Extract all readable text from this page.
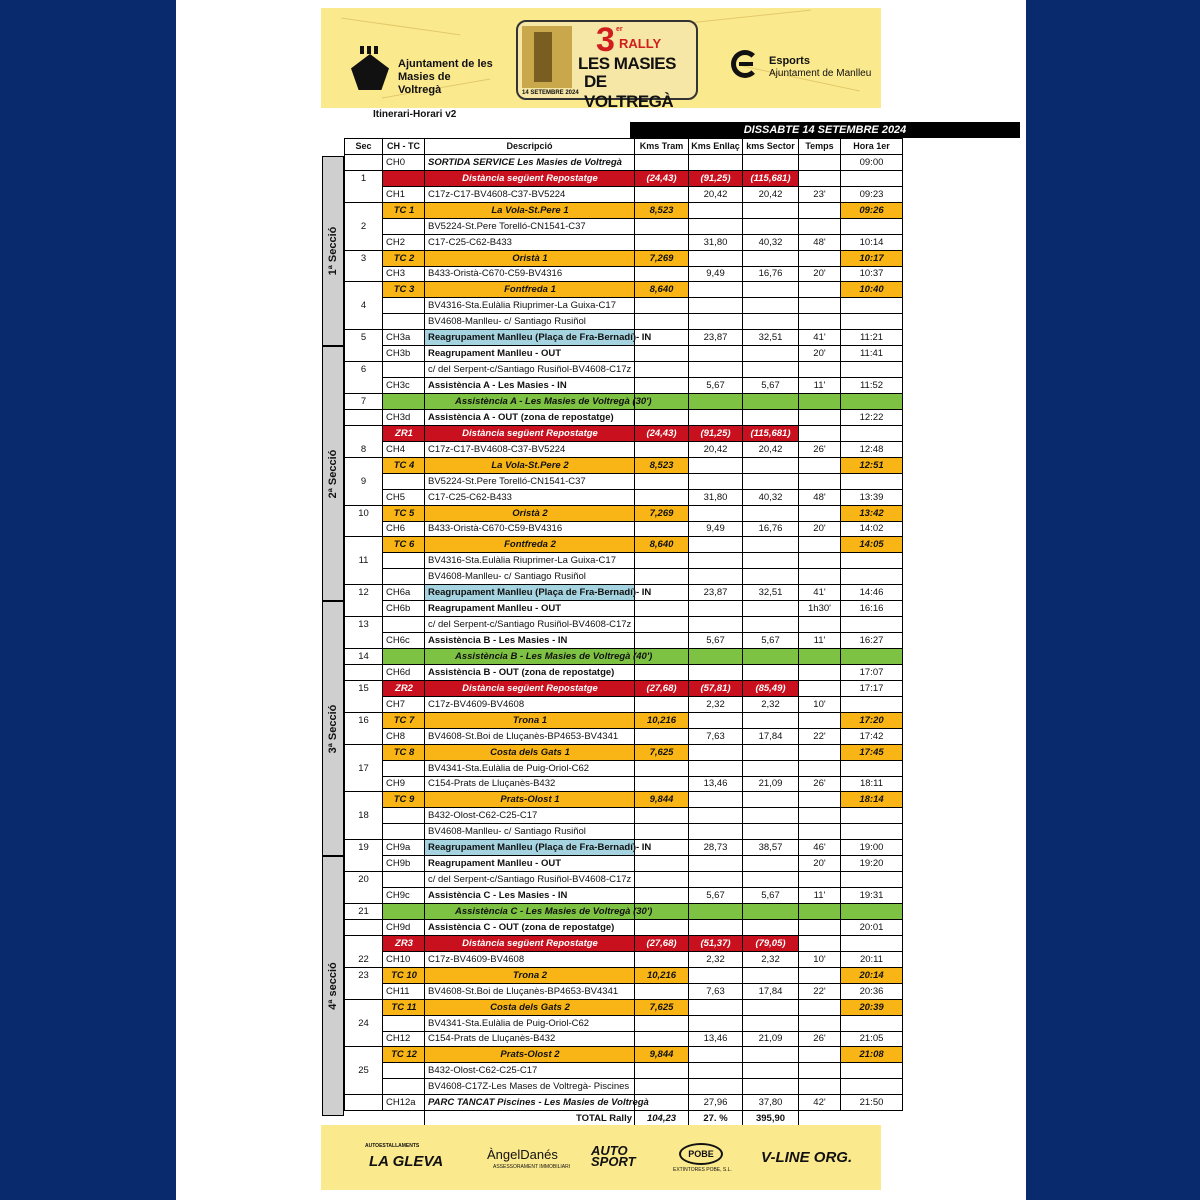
Ajuntament de les
Masies de Voltregà
3 er
RALLY
LES MASIES
DE VOLTREGÀ
14 SETEMBRE 2024
Esports
Ajuntament de Manlleu
Itinerari-Horari v2
DISSABTE 14 SETEMBRE 2024
1ª Secció
2ª Secció
3ª Secció
4ª secció
Sec	CH - TC	Descripció	Kms Tram	Kms Enllaç	kms Sector	Temps	Hora 1er
	CH0	SORTIDA SERVICE Les Masies de Voltregà					09:00
1		Distància següent Repostatge	(24,43)	(91,25)	(115,681)		
	CH1	C17z-C17-BV4608-C37-BV5224		20,42	20,42	23'	09:23
	TC 1	La Vola-St.Pere 1	8,523				09:26
2		BV5224-St.Pere Torelló-CN1541-C37					
	CH2	C17-C25-C62-B433		31,80	40,32	48'	10:14
3	TC 2	Oristà 1	7,269				10:17
	CH3	B433-Oristà-C670-C59-BV4316		9,49	16,76	20'	10:37
	TC 3	Fontfreda 1	8,640				10:40
4		BV4316-Sta.Eulàlia Riuprimer-La Guixa-C17					
		BV4608-Manlleu- c/ Santiago Rusiñol					
5	CH3a	Reagrupament Manlleu (Plaça de Fra-Bernadí)- IN		23,87	32,51	41'	11:21
	CH3b	Reagrupament Manlleu - OUT				20'	11:41
6		c/ del Serpent-c/Santiago Rusiñol-BV4608-C17z					
	CH3c	Assistència A - Les Masies - IN		5,67	5,67	11'	11:52
7		Assistència A - Les Masies de Voltregà (30')					
	CH3d	Assistència A - OUT (zona de repostatge)					12:22
	ZR1	Distància següent Repostatge	(24,43)	(91,25)	(115,681)		
8	CH4	C17z-C17-BV4608-C37-BV5224		20,42	20,42	26'	12:48
	TC 4	La Vola-St.Pere 2	8,523				12:51
9		BV5224-St.Pere Torelló-CN1541-C37					
	CH5	C17-C25-C62-B433		31,80	40,32	48'	13:39
10	TC 5	Oristà 2	7,269				13:42
	CH6	B433-Oristà-C670-C59-BV4316		9,49	16,76	20'	14:02
	TC 6	Fontfreda 2	8,640				14:05
11		BV4316-Sta.Eulàlia Riuprimer-La Guixa-C17					
		BV4608-Manlleu- c/ Santiago Rusiñol					
12	CH6a	Reagrupament Manlleu (Plaça de Fra-Bernadí)- IN		23,87	32,51	41'	14:46
	CH6b	Reagrupament Manlleu - OUT				1h30'	16:16
13		c/ del Serpent-c/Santiago Rusiñol-BV4608-C17z					
	CH6c	Assistència B - Les Masies - IN		5,67	5,67	11'	16:27
14		Assistència B - Les Masies de Voltregà (40')					
	CH6d	Assistència B - OUT (zona de repostatge)					17:07
15	ZR2	Distància següent Repostatge	(27,68)	(57,81)	(85,49)		17:17
	CH7	C17z-BV4609-BV4608		2,32	2,32	10'	
16	TC 7	Trona 1	10,216				17:20
	CH8	BV4608-St.Boi de Lluçanès-BP4653-BV4341		7,63	17,84	22'	17:42
	TC 8	Costa dels Gats 1	7,625				17:45
17		BV4341-Sta.Eulàlia de Puig-Oriol-C62					
	CH9	C154-Prats de Lluçanès-B432		13,46	21,09	26'	18:11
	TC 9	Prats-Olost 1	9,844				18:14
18		B432-Olost-C62-C25-C17					
		BV4608-Manlleu- c/ Santiago Rusiñol					
19	CH9a	Reagrupament Manlleu (Plaça de Fra-Bernadí)- IN		28,73	38,57	46'	19:00
	CH9b	Reagrupament Manlleu - OUT				20'	19:20
20		c/ del Serpent-c/Santiago Rusiñol-BV4608-C17z					
	CH9c	Assistència C - Les Masies - IN		5,67	5,67	11'	19:31
21		Assistència C - Les Masies de Voltregà (30')					
	CH9d	Assistència C - OUT (zona de repostatge)					20:01
	ZR3	Distància següent Repostatge	(27,68)	(51,37)	(79,05)		
22	CH10	C17z-BV4609-BV4608		2,32	2,32	10'	20:11
23	TC 10	Trona 2	10,216				20:14
	CH11	BV4608-St.Boi de Lluçanès-BP4653-BV4341		7,63	17,84	22'	20:36
	TC 11	Costa dels Gats 2	7,625				20:39
24		BV4341-Sta.Eulàlia de Puig-Oriol-C62					
	CH12	C154-Prats de Lluçanès-B432		13,46	21,09	26'	21:05
	TC 12	Prats-Olost 2	9,844				21:08
25		B432-Olost-C62-C25-C17					
		BV4608-C17Z-Les Mases de Voltregà- Piscines					
	CH12a	PARC TANCAT Piscines - Les Masies de Voltregà		27,96	37,80	42'	21:50
		TOTAL Rally	104,23	27. %	395,90		
AUTOESTALLAMENTS
LA GLEVA	ÀngelDanés
ASSESSORAMENT IMMOBILIARI
AUTO
SPORT	POBE
EXTINTORES POBE, S.L.
V-LINE ORG.
